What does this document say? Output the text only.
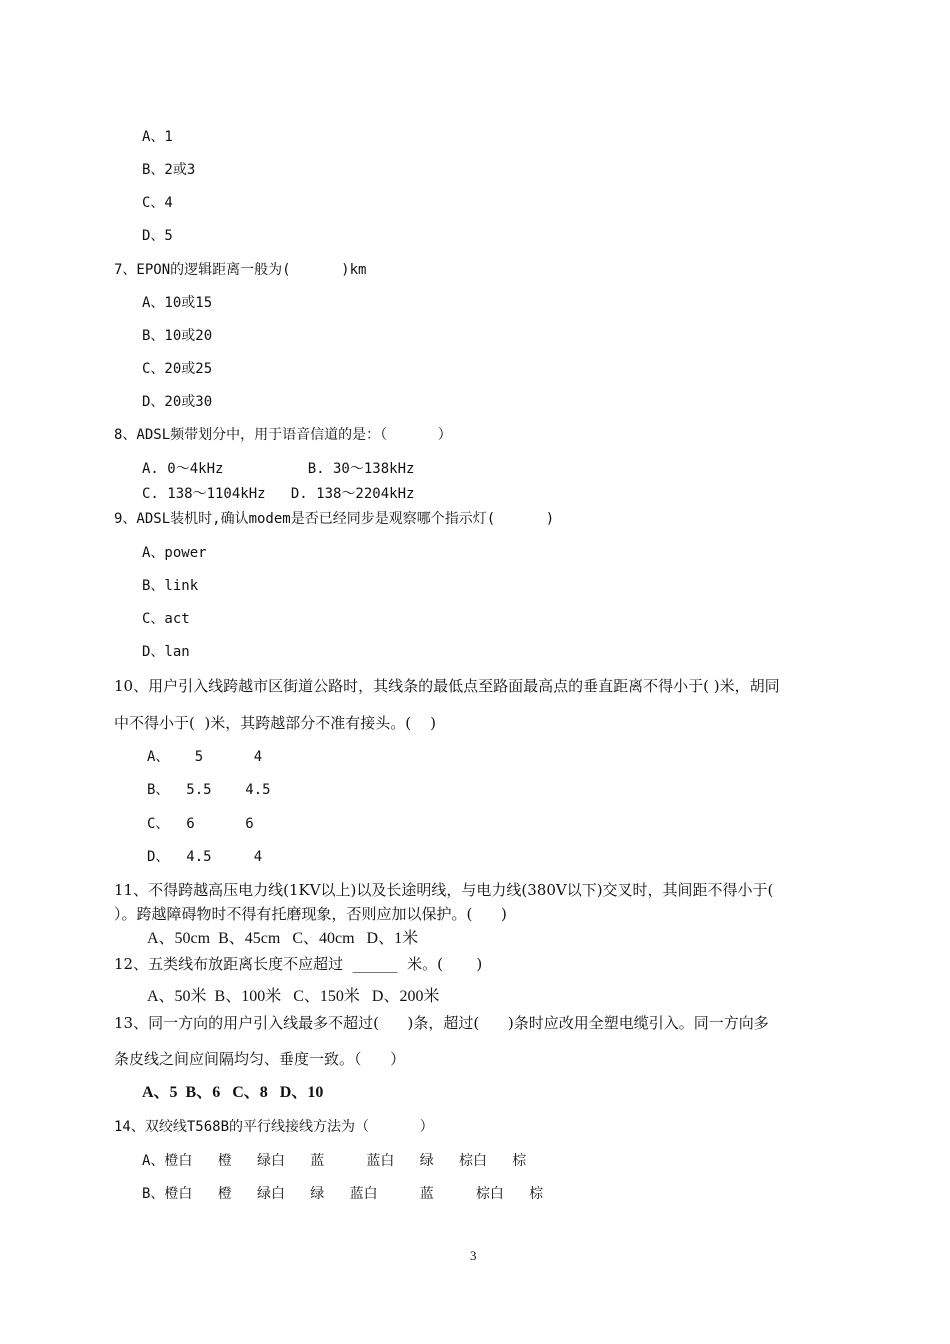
A、1
B、2或3
C、4
D、5
7、EPON的逻辑距离一般为(      )km
A、10或15
B、10或20
C、20或25
D、20或30
8、ADSL频带划分中，用于语音信道的是：（      ）
A. 0～4kHz          B. 30～138kHz
C. 138～1104kHz   D. 138～2204kHz
9、ADSL装机时,确认modem是否已经同步是观察哪个指示灯(      )
A、power
B、link
C、act
D、lan
10、用户引入线跨越市区街道公路时，其线条的最低点至路面最高点的垂直距离不得小于( )米，胡同
中不得小于(  )米，其跨越部分不准有接头。(    )
A、   5      4
B、  5.5    4.5
C、  6      6
D、  4.5     4
11、不得跨越高压电力线(1KV以上)以及长途明线，与电力线(380V以下)交叉时，其间距不得小于(
）。跨越障碍物时不得有托磨现象，否则应加以保护。(      )
A、50cm  B、45cm   C、40cm   D、1米
12、五类线布放距离长度不应超过  ______  米。(       )
A、50米  B、100米   C、150米   D、200米
13、同一方向的用户引入线最多不超过(      )条，超过(      )条时应改用全塑电缆引入。同一方向多
条皮线之间应间隔均匀、垂度一致。（      ）
A、5  B、6   C、8   D、10
14、双绞线T568B的平行线接线方法为（      ）
A、橙白   橙   绿白   蓝     蓝白   绿   棕白   棕
B、橙白   橙   绿白   绿   蓝白     蓝     棕白   棕
3
